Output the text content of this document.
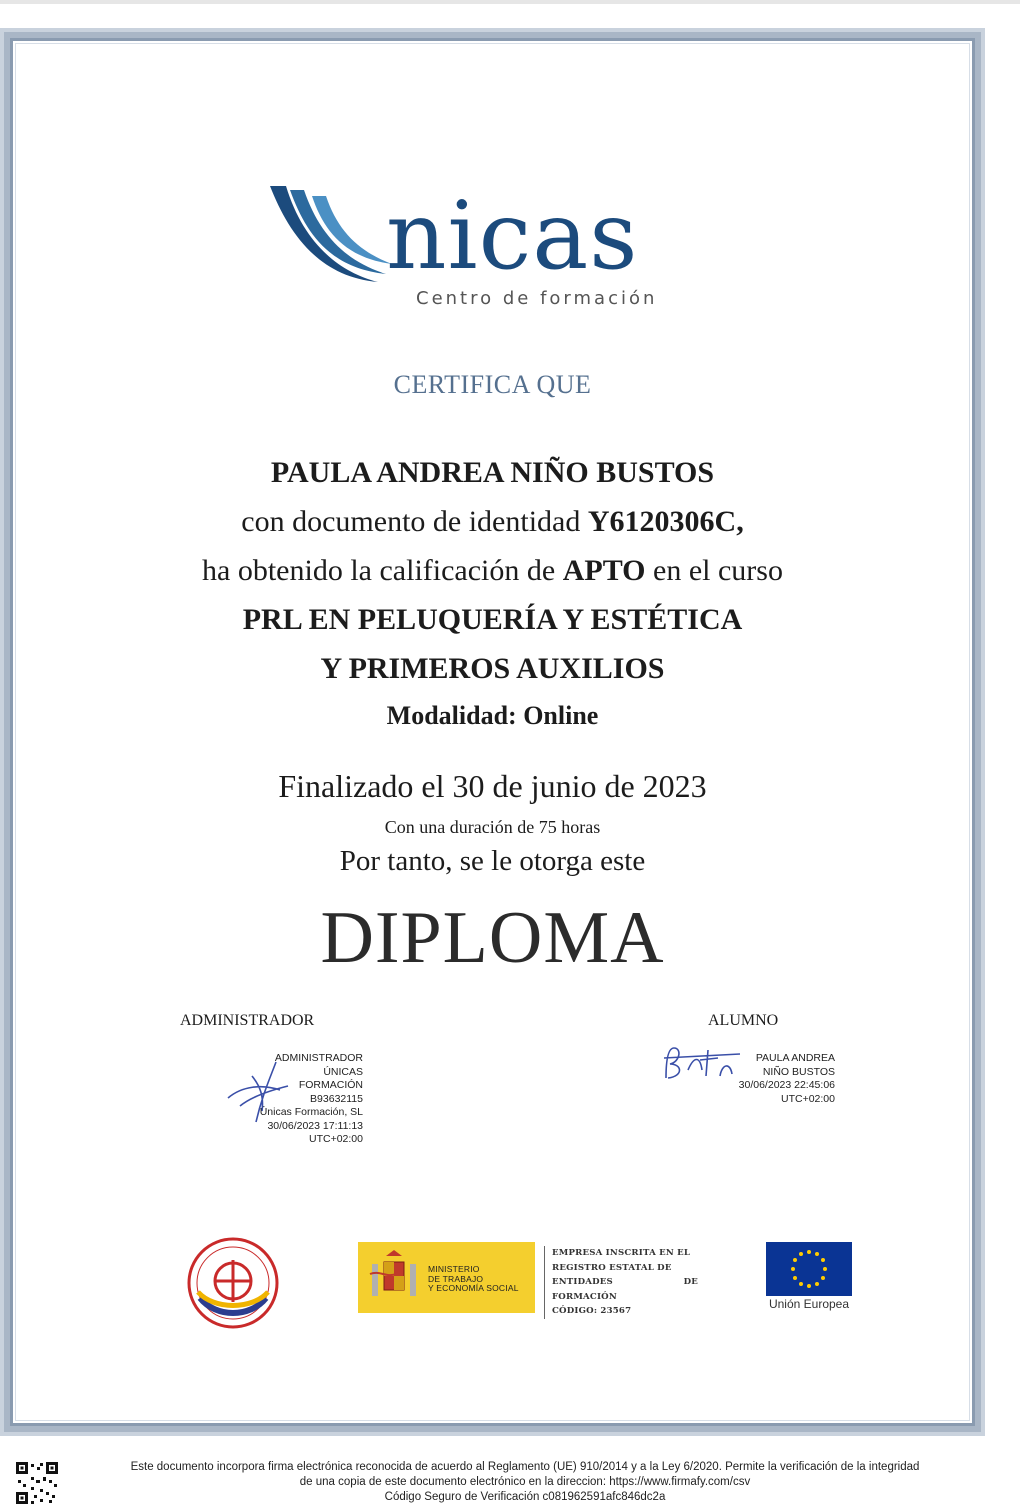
nicas
Centro de formación
CERTIFICA QUE
PAULA ANDREA NIÑO BUSTOS
con documento de identidad Y6120306C,
ha obtenido la calificación de APTO en el curso
PRL EN PELUQUERÍA Y ESTÉTICA
Y PRIMEROS AUXILIOS
Modalidad: Online
Finalizado el 30 de junio de 2023
Con una duración de 75 horas
Por tanto, se le otorga este
DIPLOMA
ADMINISTRADOR	ALUMNO
ADMINISTRADOR
ÚNICAS
FORMACIÓN
B93632115
Únicas Formación, SL
30/06/2023 17:11:13
UTC+02:00
PAULA ANDREA
NIÑO BUSTOS
30/06/2023 22:45:06
UTC+02:00
MINISTERIO
DE TRABAJO
Y ECONOMÍA SOCIAL
EMPRESA INSCRITA EN EL
REGISTRO ESTATAL DE
ENTIDADES DE FORMACIÓN
CÓDIGO: 23567	Unión Europea
Este documento incorpora firma electrónica reconocida de acuerdo al Reglamento (UE) 910/2014 y a la Ley 6/2020. Permite la verificación de la integridad
de una copia de este documento electrónico en la direccion: https://www.firmafy.com/csv
Código Seguro de Verificación c081962591afc846dc2a
